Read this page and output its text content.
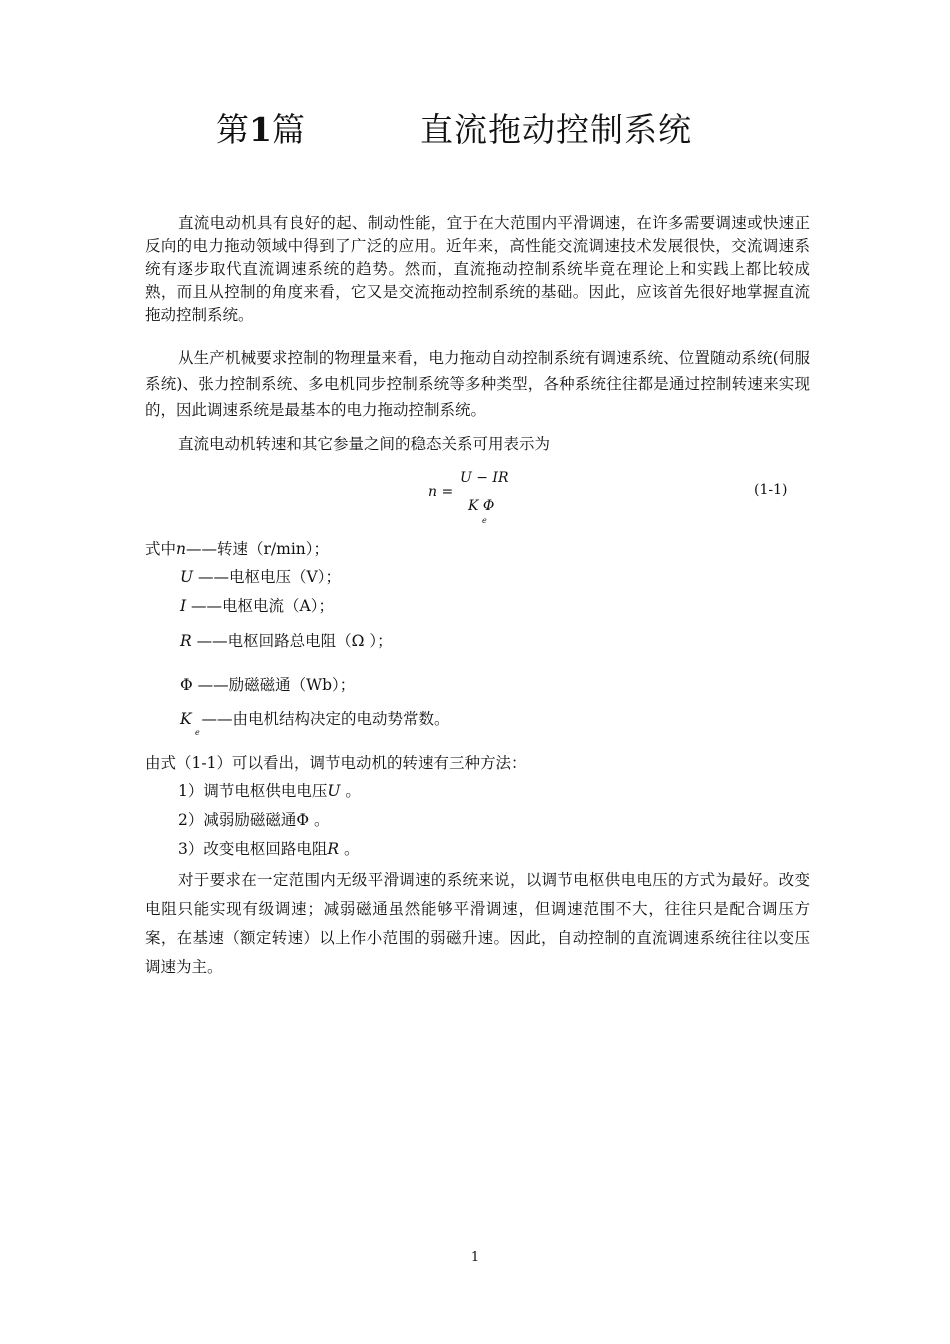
第1篇	直流拖动控制系统

直流电动机具有良好的起、制动性能，宜于在大范围内平滑调速，在许多需要调速或快速正反向的电力拖动领域中得到了广泛的应用。近年来，高性能交流调速技术发展很快，交流调速系统有逐步取代直流调速系统的趋势。然而，直流拖动控制系统毕竟在理论上和实践上都比较成熟，而且从控制的角度来看，它又是交流拖动控制系统的基础。因此，应该首先很好地掌握直流拖动控制系统。

从生产机械要求控制的物理量来看，电力拖动自动控制系统有调速系统、位置随动系统(伺服系统)、张力控制系统、多电机同步控制系统等多种类型，各种系统往往都是通过控制转速来实现的，因此调速系统是最基本的电力拖动控制系统。

直流电动机转速和其它参量之间的稳态关系可用表示为

n =
U − IR
K Φ
e
(1-1)
式中n——转速（r/min）；
U ——电枢电压（V）；
I ——电枢电流（A）；
R ——电枢回路总电阻（Ω ）；
Φ ——励磁磁通（Wb）；
K ——由电机结构决定的电动势常数。
e
由式（1-1）可以看出，调节电动机的转速有三种方法：
1）调节电枢供电电压U 。
2）减弱励磁磁通Φ 。
3）改变电枢回路电阻R 。

对于要求在一定范围内无级平滑调速的系统来说，以调节电枢供电电压的方式为最好。改变电阻只能实现有级调速；减弱磁通虽然能够平滑调速，但调速范围不大，往往只是配合调压方案，在基速（额定转速）以上作小范围的弱磁升速。因此，自动控制的直流调速系统往往以变压调速为主。

1
